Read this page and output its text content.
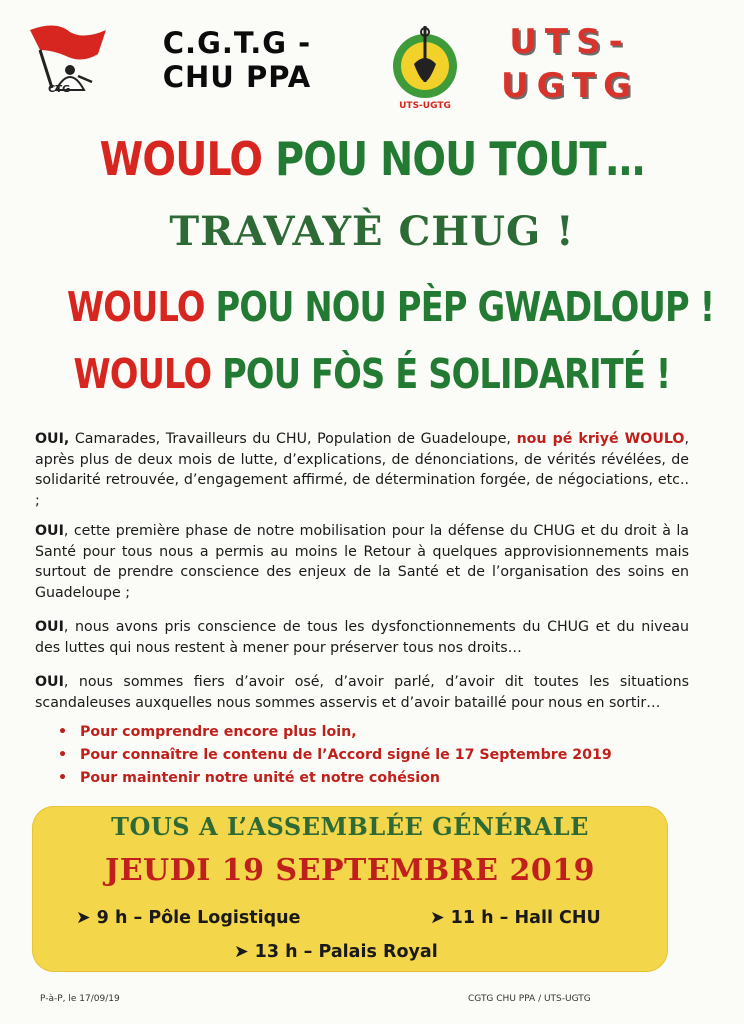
CTG
C.G.T.G -
CHU PPA
UTS-UGTG
UTS-
UGTG
WOULO POU NOU TOUT…
TRAVAYÈ CHUG !
WOULO POU NOU PÈP GWADLOUP !
WOULO POU FÒS É SOLIDARITÉ !
OUI, Camarades, Travailleurs du CHU, Population de Guadeloupe, nou pé kriyé WOULO, après plus de deux mois de lutte, d’explications, de dénonciations, de vérités révélées, de solidarité retrouvée, d’engagement affirmé, de détermination forgée, de négociations, etc.. ;
OUI, cette première phase de notre mobilisation pour la défense du CHUG et du droit à la Santé pour tous nous a permis au moins le Retour à quelques approvisionnements mais surtout de prendre conscience des enjeux de la Santé et de l’organisation des soins en Guadeloupe ;
OUI, nous avons pris conscience de tous les dysfonctionnements du CHUG et du niveau des luttes qui nous restent à mener pour préserver tous nos droits…
OUI, nous sommes fiers d’avoir osé, d’avoir parlé, d’avoir dit toutes les situations scandaleuses auxquelles nous sommes asservis et d’avoir bataillé pour nous en sortir…
• Pour comprendre encore plus loin,
• Pour connaître le contenu de l’Accord signé le 17 Septembre 2019
• Pour maintenir notre unité et notre cohésion
TOUS A L’ASSEMBLÉE GÉNÉRALE
JEUDI 19 SEPTEMBRE 2019
➤ 9 h – Pôle Logistique	➤ 11 h – Hall CHU
➤ 13 h – Palais Royal
P-à-P, le 17/09/19	CGTG CHU PPA / UTS-UGTG
